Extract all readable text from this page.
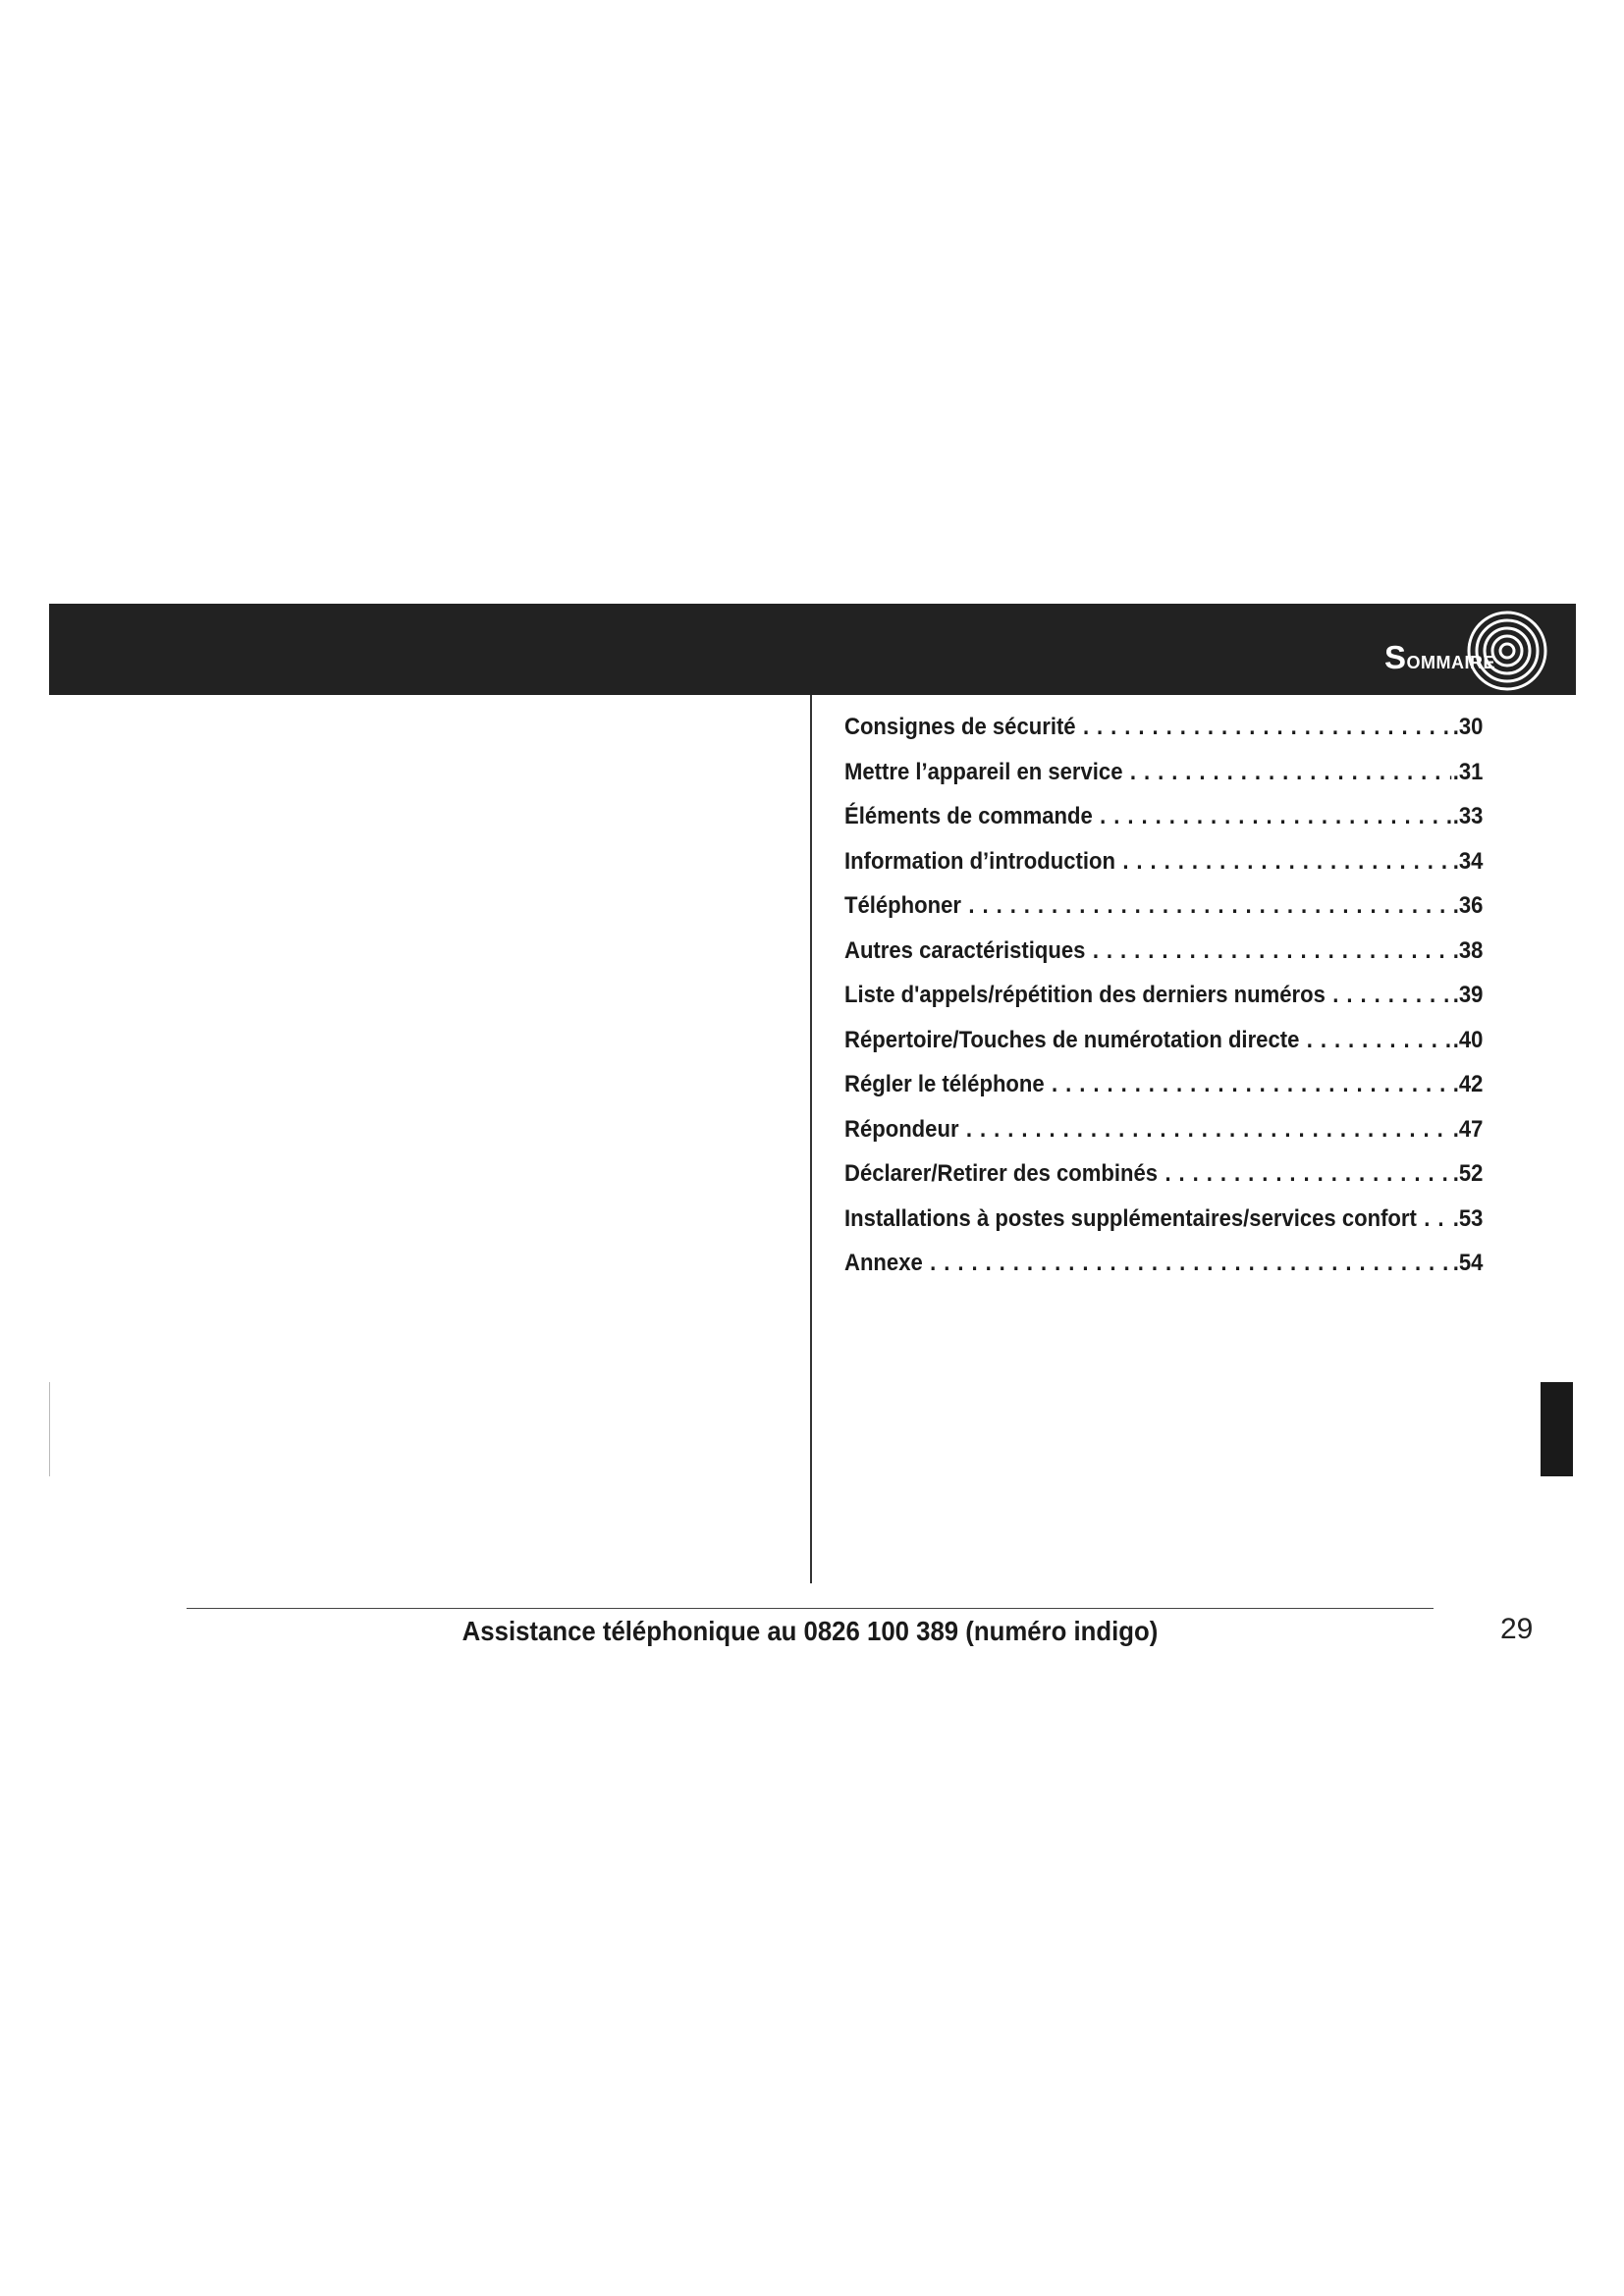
Sommaire
Consignes de sécurité . . .	.30
Mettre l’appareil en service . . .	.31
Éléments de commande . . .	.33
Information d’introduction . . .	.34
Téléphoner . . .	.36
Autres caractéristiques . . .	.38
Liste d'appels/répétition des derniers numéros . . .	.39
Répertoire/Touches de numérotation directe . . .	.40
Régler le téléphone . . .	.42
Répondeur . . .	.47
Déclarer/Retirer des combinés . . .	.52
Installations à postes supplémentaires/services confort . . .	.53
Annexe . . .	.54
Assistance téléphonique au 0826 100 389 (numéro indigo)	29
